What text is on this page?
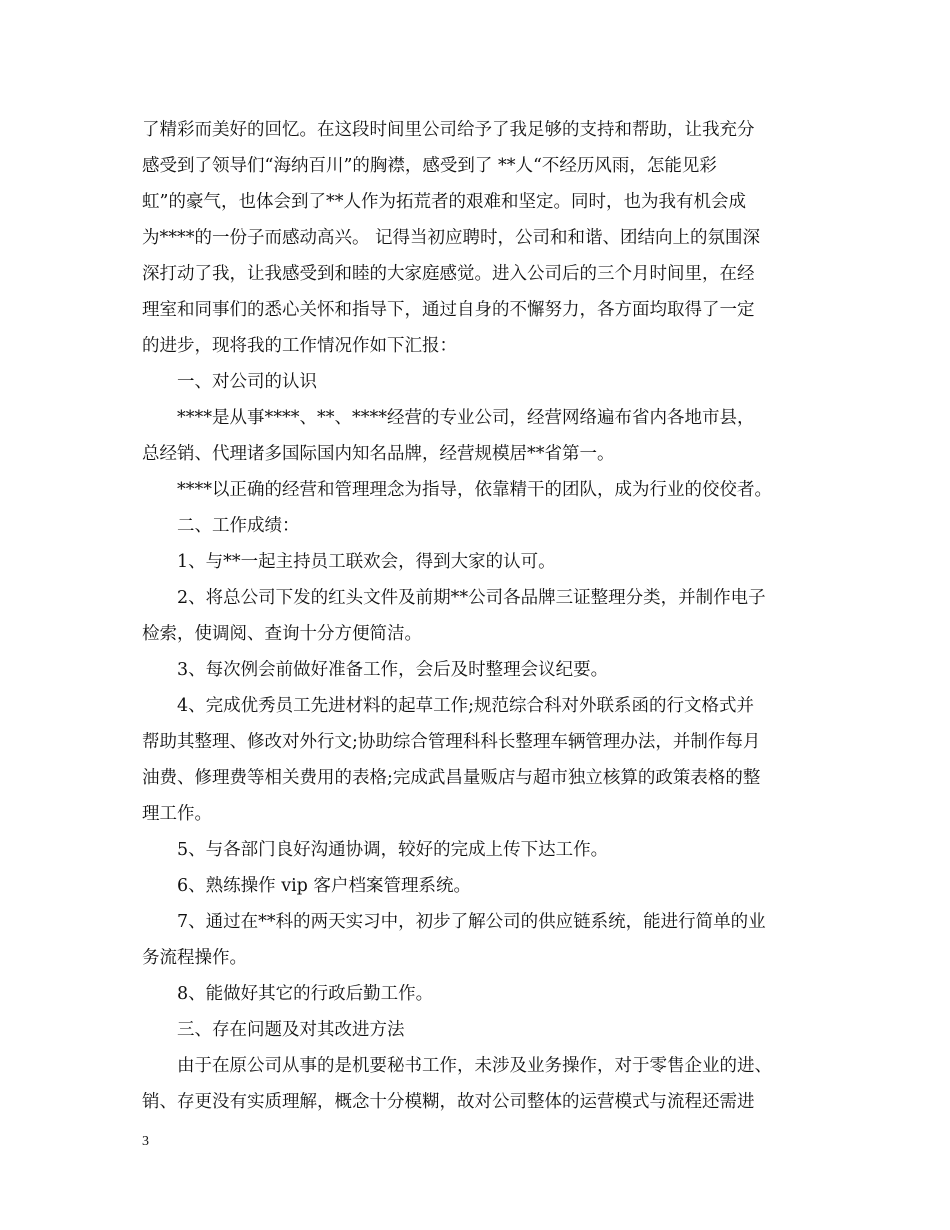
了精彩而美好的回忆。在这段时间里公司给予了我足够的支持和帮助，让我充分
感受到了领导们“海纳百川”的胸襟，感受到了 **人“不经历风雨，怎能见彩
虹”的豪气，也体会到了**人作为拓荒者的艰难和坚定。同时，也为我有机会成
为****的一份子而感动高兴。 记得当初应聘时，公司和和谐、团结向上的氛围深
深打动了我，让我感受到和睦的大家庭感觉。进入公司后的三个月时间里，在经
理室和同事们的悉心关怀和指导下，通过自身的不懈努力，各方面均取得了一定
的进步，现将我的工作情况作如下汇报：
一、对公司的认识
****是从事****、**、****经营的专业公司，经营网络遍布省内各地市县，
总经销、代理诸多国际国内知名品牌，经营规模居**省第一。
****以正确的经营和管理理念为指导，依靠精干的团队，成为行业的佼佼者。
二、工作成绩：
1、与**一起主持员工联欢会，得到大家的认可。
2、将总公司下发的红头文件及前期**公司各品牌三证整理分类，并制作电子
检索，使调阅、查询十分方便简洁。
3、每次例会前做好准备工作，会后及时整理会议纪要。
4、完成优秀员工先进材料的起草工作;规范综合科对外联系函的行文格式并
帮助其整理、修改对外行文;协助综合管理科科长整理车辆管理办法，并制作每月
油费、修理费等相关费用的表格;完成武昌量贩店与超市独立核算的政策表格的整
理工作。
5、与各部门良好沟通协调，较好的完成上传下达工作。
6、熟练操作 vip 客户档案管理系统。
7、通过在**科的两天实习中，初步了解公司的供应链系统，能进行简单的业
务流程操作。
8、能做好其它的行政后勤工作。
三、存在问题及对其改进方法
由于在原公司从事的是机要秘书工作，未涉及业务操作，对于零售企业的进、
销、存更没有实质理解，概念十分模糊，故对公司整体的运营模式与流程还需进
3
